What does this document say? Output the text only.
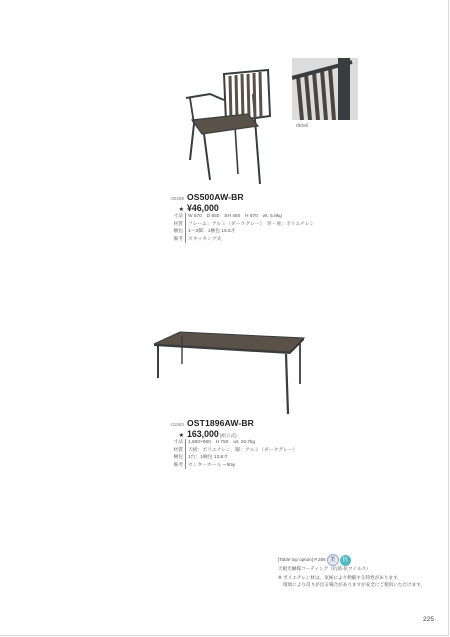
detail
00298 OS500AW-BR
★ ¥46,000
寸法	W 570　D 650　SH 450　H 870　wt. 5.8kg
材質	フレーム：アルミ（ダークグレー）　背・座：ポリエチレン
梱包	1〜2脚：1梱包 15.5才
備考	スタッキング式
01593 OST1896AW-BR
★ 163,000 (組立式)
寸法	1,860×960　H 750　wt. 26.7kg
材質	天板：ポリエチレン，脚：アルミ（ダークグレー）
梱包	1台：1梱包 13.8才
備考	センターホール ∼50φ
[Table top option] P.306 美	抗
天板光触媒コーティング（抗菌·抗ウイルス）
※ ポリエチレン材は、気候により伸縮する特性があります。
環境により反りが出る場合がありますが安全にご使用いただけます。
225
